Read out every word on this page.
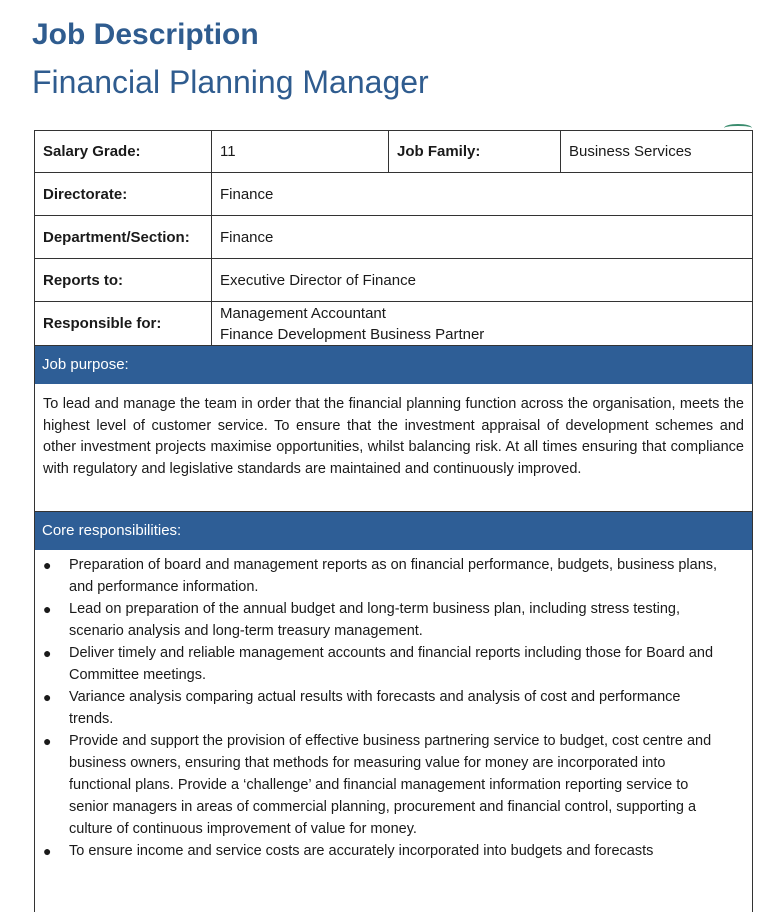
Job Description
Financial Planning Manager
Salary Grade:	11	Job Family:	Business Services
Directorate:	Finance		
Department/Section:	Finance		
Reports to:	Executive Director of Finance		
Responsible for:	Management Accountant
Finance Development Business Partner		
Job purpose:
To lead and manage the team in order that the financial planning function across the organisation, meets the highest level of customer service. To ensure that the investment appraisal of development schemes and other investment projects maximise opportunities, whilst balancing risk. At all times ensuring that compliance with regulatory and legislative standards are maintained and continuously improved.
Core responsibilities:
● Preparation of board and management reports as on financial performance, budgets, business plans, and performance information.
● Lead on preparation of the annual budget and long-term business plan, including stress testing, scenario analysis and long-term treasury management.
● Deliver timely and reliable management accounts and financial reports including those for Board and Committee meetings.
● Variance analysis comparing actual results with forecasts and analysis of cost and performance trends.
● Provide and support the provision of effective business partnering service to budget, cost centre and business owners, ensuring that methods for measuring value for money are incorporated into functional plans. Provide a ‘challenge’ and financial management information reporting service to senior managers in areas of commercial planning, procurement and financial control, supporting a culture of continuous improvement of value for money.
● To ensure income and service costs are accurately incorporated into budgets and forecasts
